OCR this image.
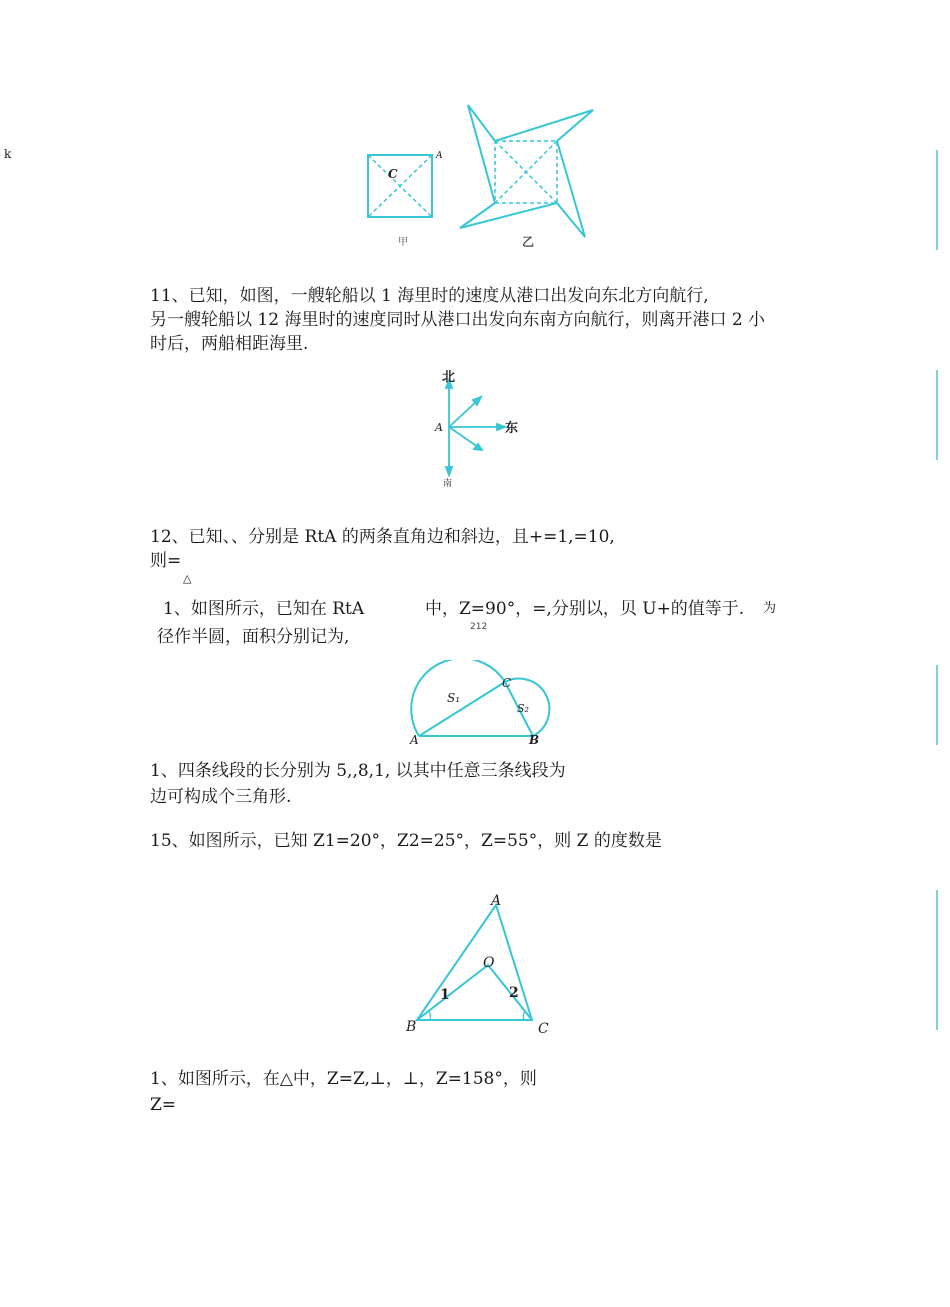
k
C
A
甲	乙
11、已知，如图，一艘轮船以 1 海里时的速度从港口出发向东北方向航行,
另一艘轮船以 12 海里时的速度同时从港口出发向东南方向航行，则离开港口 2 小
时后，两船相距海里.
北
东
南
A
12、已知、、分别是 RtA 的两条直角边和斜边，且+=1,=10,
则=
△
1、如图所示，已知在 RtA	中，Z=90°，=,分别以，贝 U+的值等于. 为
212
径作半圆，面积分别记为,
A	B
C
S₁
S₂
1、四条线段的长分别为 5,,8,1, 以其中任意三条线段为
边可构成个三角形.
15、如图所示，已知 Z1=20°，Z2=25°，Z=55°，则 Z 的度数是
A
B	C
O
1	2
1、如图所示，在△中，Z=Z,⊥，⊥，Z=158°，则
Z=
